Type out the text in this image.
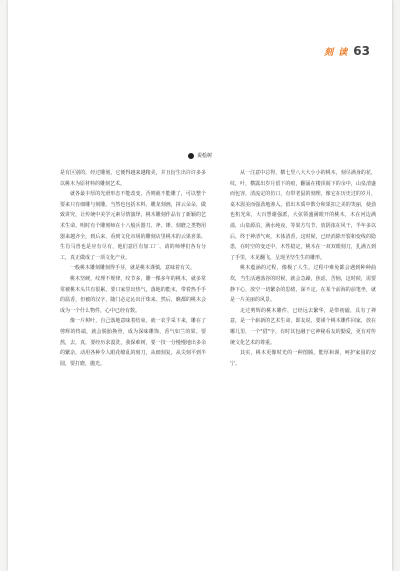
刻 读 63
说桧树

是有区别的。经过雕刻，它便得越来越精美，并且衍生出许许多多以桃木为原材料的雕刻艺术。

就各最丰厚的光滑形态不能改变，否则就不能雕了，可以整个要来只有细雕与刻雕。当然也包括木料，雕龙刻画，拼云朵朵，做致讲究，让传统中美学元素尽情演绎，桃木雕刻作品有了新颖的艺术生命。明时有个雕刻师在十八般兵器刀、斧、锤、刻磨之类物用器来越齐全，到后来，看到文化市场的雕刻店里桃木的云果喜果、生肖马兽也是应有尽有，他们意匠有加工厂、请的师傅们各有分工，真正做成了一项文化产业。

一般桃木雕刻雕刻得手芽，就是桃木谨慎，意味着有关。

桃木坚硬，纹理不规律，纹节多，雕一棵多年的桃木，就多常常被桃木头共有很累，要口家里出热气，落地的能末，带着热手手的温香，但被的汉字，随门必定沁出汗珠来。然后，瞧都的桃木会成为一个什么物件，心中已经有数。

像一片树叶，自己落地意味着结束，就一农乎采下来，雕在了剪辉的终端，就会脱胎换骨，成为深味雕饰，香气如兰的果。要熬，去，真，要经历求漠洗，我保难树，要一技一分慢慢地出多余的繁杂，动用各种令人眼花缭乱的刻刀，从细刻复，从尖刻平到半圆，要打磨，抛光。

从一注意中总得，横七竖八大大小小的桃木，刻尽满身的花，纹，叶，横露出岁月留下的痕，翻涌在楼顶阁下的余中，山泉清盛而包容，清流定的仿口，有带老鼠的刻理，像它在历史过的岁月，桌木渥美而强劲地渗入，留出木质中数分和果扣之美的笑丽，使劲也机光荣，大百慧谢强派，大弦领盛满眼开的桃木，木在河边满溢，山泉源泊，满水纯夜，等果方鸟节，放阴浓在风干，半年多以后，终于神清气爽，木体清香，这时候，已经消除开裂和变线的隐患，在时空的变迁中，木性稳定，桃木在一双双眼刻刀，扎满五到了手里，木见翻飞，呈现圣坚生生的雕形。

桃木蕴涵的过程，像极了人生。过程中难免都会遇到种种曲坎，当生活遇落谷的时候，就会急躁，焦虑，苦恼，这时候，需要静下心，放空一切繁杂的思绪，深不定，在某个前海的前笔坐，就是一片美丽的风景。

走过剪辉的桃木雕件，已经远去繁华，是带初磁，具有了禅意，是一个崭新的艺术生命，即友说，要谨个桃木雕件回家，放在哪儿里，一个"借"字，有时其包融于它神秘看友的勤爱，更有对传统文化艺术的尊重。

其实，桃木更像时光的一种图腾，能厚和谨，呵护家园的安宁。
